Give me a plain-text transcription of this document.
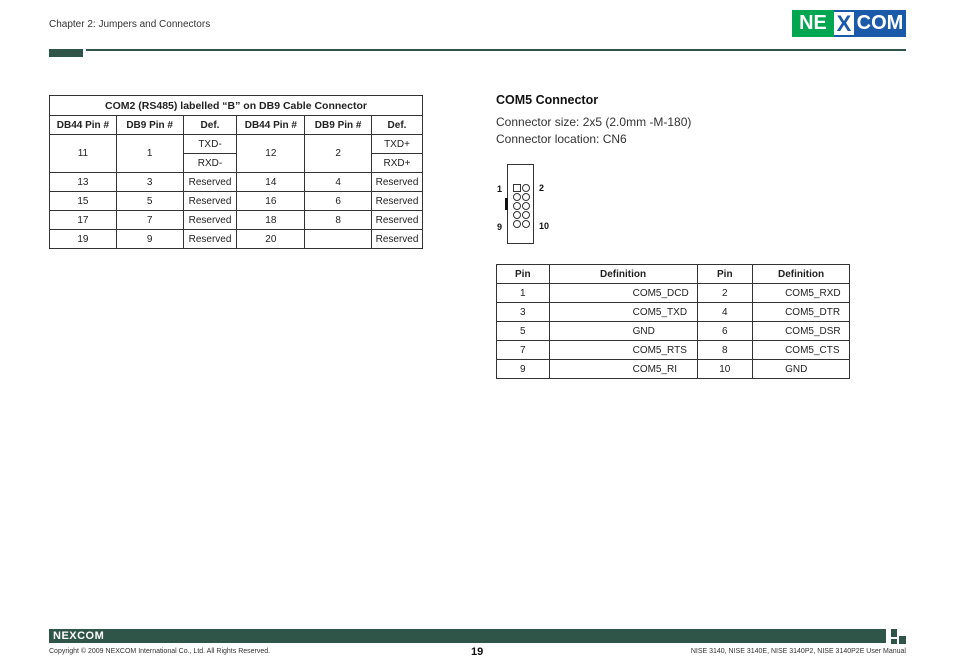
Chapter 2: Jumpers and Connectors	NE X COM
COM2 (RS485) labelled “B” on DB9 Cable Connector					
DB44 Pin #	DB9 Pin #	Def.	DB44 Pin #	DB9 Pin #	Def.
11	1	TXD-	12	2	TXD+
		RXD-			RXD+
13	3	Reserved	14	4	Reserved
15	5	Reserved	16	6	Reserved
17	7	Reserved	18	8	Reserved
19	9	Reserved	20		Reserved
COM5 Connector
Connector size: 2x5 (2.0mm -M-180)
Connector location: CN6
1	2
9	10
Pin	Definition	Pin	Definition
1	COM5_DCD	2	COM5_RXD
3	COM5_TXD	4	COM5_DTR
5	GND	6	COM5_DSR
7	COM5_RTS	8	COM5_CTS
9	COM5_RI	10	GND
NEXCOM
Copyright © 2009 NEXCOM International Co., Ltd. All Rights Reserved.	19	NISE 3140, NISE 3140E, NISE 3140P2, NISE 3140P2E User Manual
